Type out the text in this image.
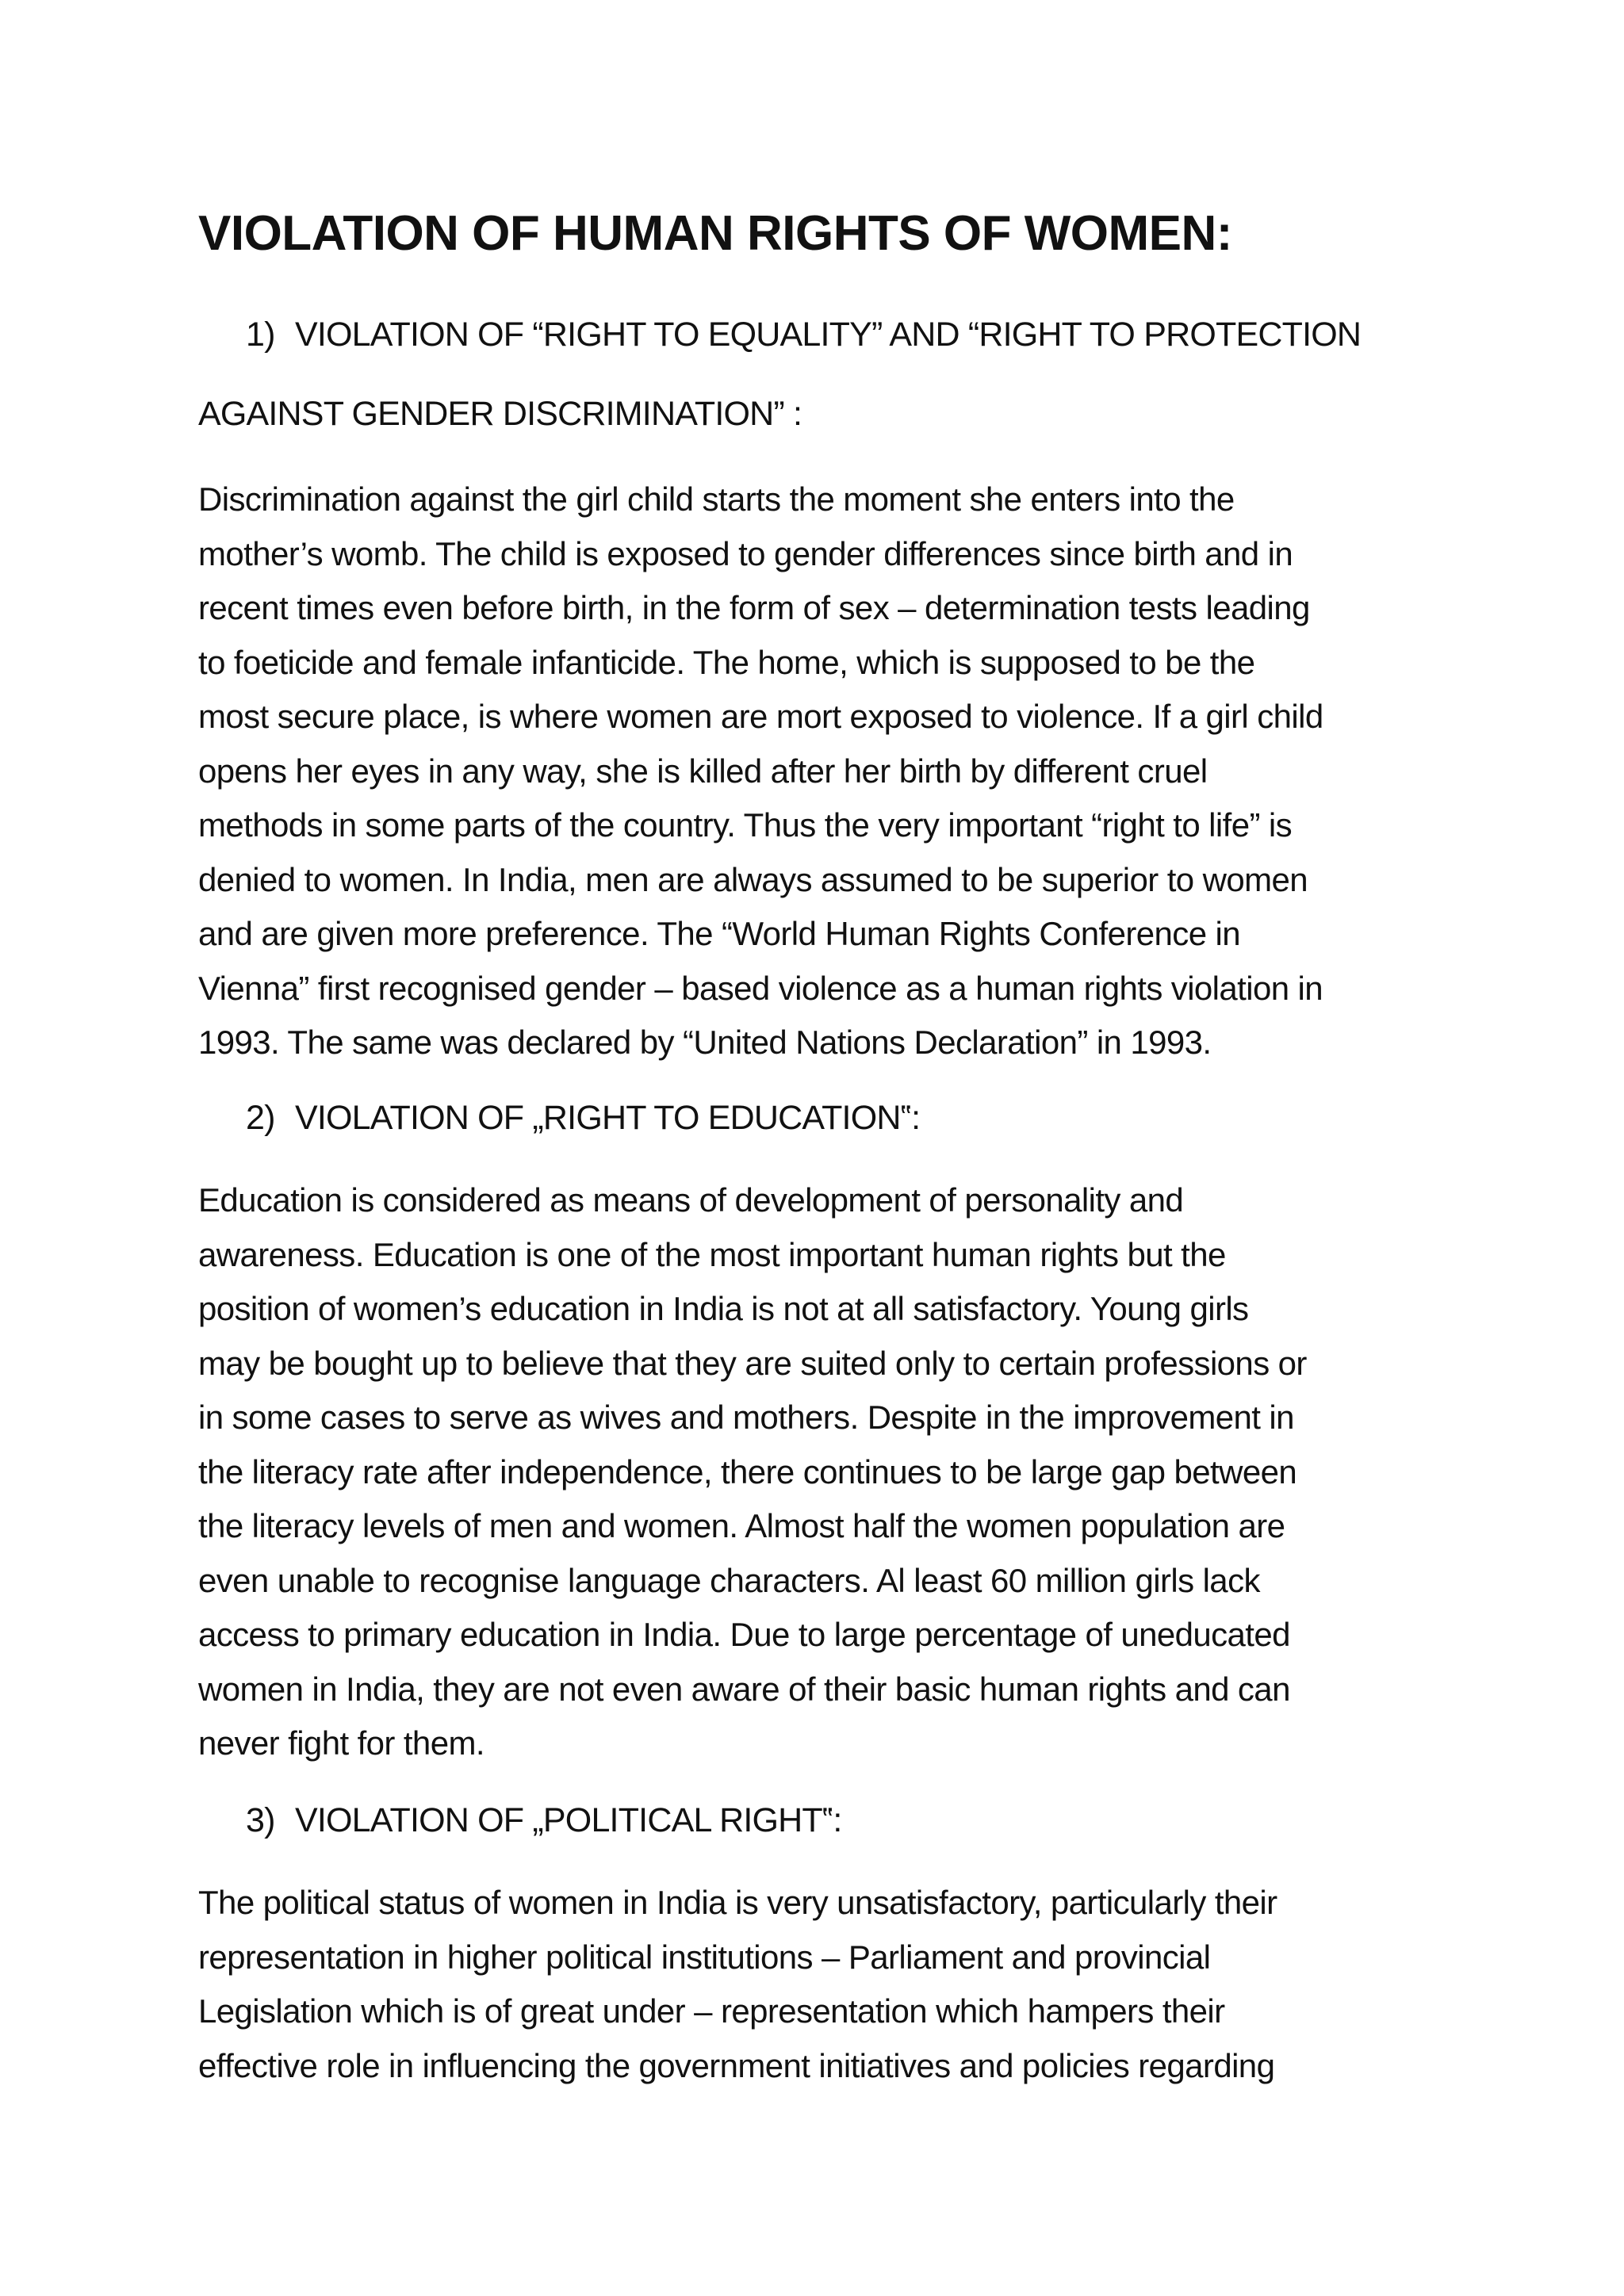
VIOLATION OF HUMAN RIGHTS OF WOMEN:

1) VIOLATION OF “RIGHT TO EQUALITY” AND “RIGHT TO PROTECTION

AGAINST GENDER DISCRIMINATION” :

Discrimination against the girl child starts the moment she enters into the
mother’s womb. The child is exposed to gender differences since birth and in
recent times even before birth, in the form of sex – determination tests leading
to foeticide and female infanticide. The home, which is supposed to be the
most secure place, is where women are mort exposed to violence. If a girl child
opens her eyes in any way, she is killed after her birth by different cruel
methods in some parts of the country. Thus the very important “right to life” is
denied to women. In India, men are always assumed to be superior to women
and are given more preference. The “World Human Rights Conference in
Vienna” first recognised gender – based violence as a human rights violation in
1993. The same was declared by “United Nations Declaration” in 1993.

2) VIOLATION OF „RIGHT TO EDUCATION‟:

Education is considered as means of development of personality and
awareness. Education is one of the most important human rights but the
position of women’s education in India is not at all satisfactory. Young girls
may be bought up to believe that they are suited only to certain professions or
in some cases to serve as wives and mothers. Despite in the improvement in
the literacy rate after independence, there continues to be large gap between
the literacy levels of men and women. Almost half the women population are
even unable to recognise language characters. Al least 60 million girls lack
access to primary education in India. Due to large percentage of uneducated
women in India, they are not even aware of their basic human rights and can
never fight for them.

3) VIOLATION OF „POLITICAL RIGHT‟:

The political status of women in India is very unsatisfactory, particularly their
representation in higher political institutions – Parliament and provincial
Legislation which is of great under – representation which hampers their
effective role in influencing the government initiatives and policies regarding
